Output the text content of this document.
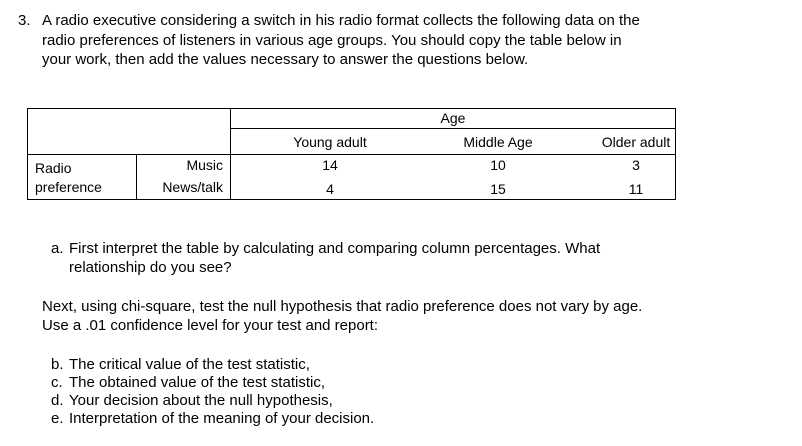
3. A radio executive considering a switch in his radio format collects the following data on the
radio preferences of listeners in various age groups. You should copy the table below in
your work, then add the values necessary to answer the questions below.
Age
Young adult	Middle Age	Older adult
Radio
preference
Music	14	10	3
News/talk	4	15	11
a. First interpret the table by calculating and comparing column percentages. What
relationship do you see?
Next, using chi-square, test the null hypothesis that radio preference does not vary by age.
Use a .01 confidence level for your test and report:
b. The critical value of the test statistic,
c. The obtained value of the test statistic,
d. Your decision about the null hypothesis,
e. Interpretation of the meaning of your decision.
